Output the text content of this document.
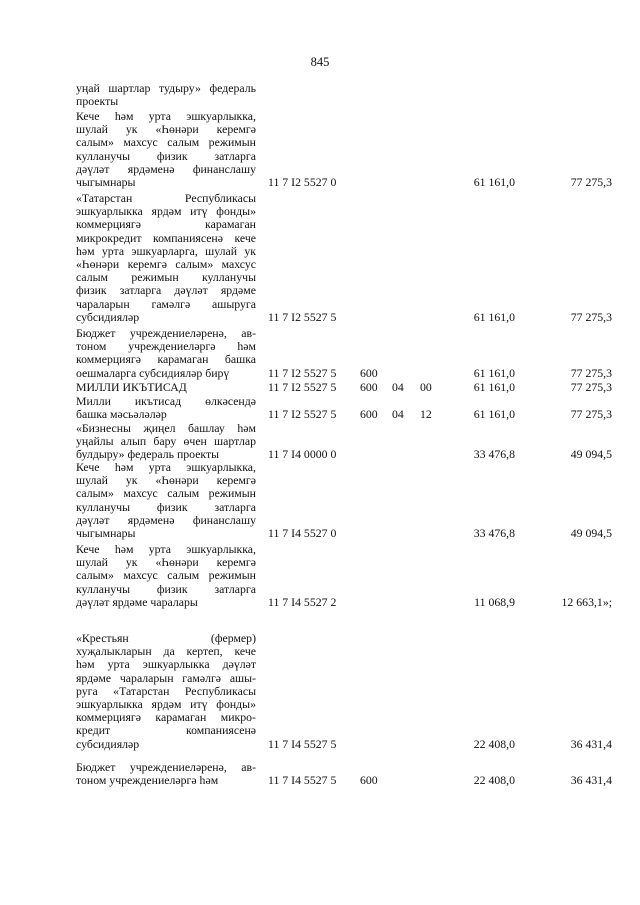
845
уңай шартлар тудыру» федераль
проекты
Кече һәм урта эшкуарлыкка,
шулай ук «Һөнәри керемгә
салым» махсус салым режимын
кулланучы физик затларга
дәүләт ярдәменә финанслашу
чыгымнары	11 7 I2 5527 0	61 161,0	77 275,3
«Татарстан Республикасы
эшкуарлыкка ярдәм итү фонды»
коммерциягә карамаган
микрокредит компаниясенә кече
һәм урта эшкуарларга, шулай ук
«Һөнәри керемгә салым» махсус
салым режимын кулланучы
физик затларга дәүләт ярдәме
чараларын гамәлгә ашыруга
субсидияләр	11 7 I2 5527 5	61 161,0	77 275,3
Бюджет учреждениеләренә, ав-
тоном учреждениеләргә һәм
коммерциягә карамаган башка
оешмаларга субсидияләр бирү	11 7 I2 5527 5 600	61 161,0	77 275,3
МИЛЛИ ИКЪТИСАД	11 7 I2 5527 5 600 04 00	61 161,0	77 275,3
Милли икътисад өлкәсендә
башка мәсьәләләр	11 7 I2 5527 5 600 04 12	61 161,0	77 275,3
«Бизнесны җиңел башлау һәм
уңайлы алып бару өчен шартлар
булдыру» федераль проекты	11 7 I4 0000 0	33 476,8	49 094,5
Кече һәм урта эшкуарлыкка,
шулай ук «Һөнәри керемгә
салым» махсус салым режимын
кулланучы физик затларга
дәүләт ярдәменә финанслашу
чыгымнары	11 7 I4 5527 0	33 476,8	49 094,5
Кече һәм урта эшкуарлыкка,
шулай ук «Һөнәри керемгә
салым» махсус салым режимын
кулланучы физик затларга
дәүләт ярдәме чаралары	11 7 I4 5527 2	11 068,9	12 663,1»;
«Крестьян (фермер)
хуҗалыкларын да кертеп, кече
һәм урта эшкуарлыкка дәүләт
ярдәме чараларын гамәлгә ашы-
руга «Татарстан Республикасы
эшкуарлыкка ярдәм итү фонды»
коммерциягә карамаган микро-
кредит компаниясенә
субсидияләр	11 7 I4 5527 5	22 408,0	36 431,4
Бюджет учреждениеләренә, ав-
тоном учреждениеләргә һәм	11 7 I4 5527 5 600	22 408,0	36 431,4
